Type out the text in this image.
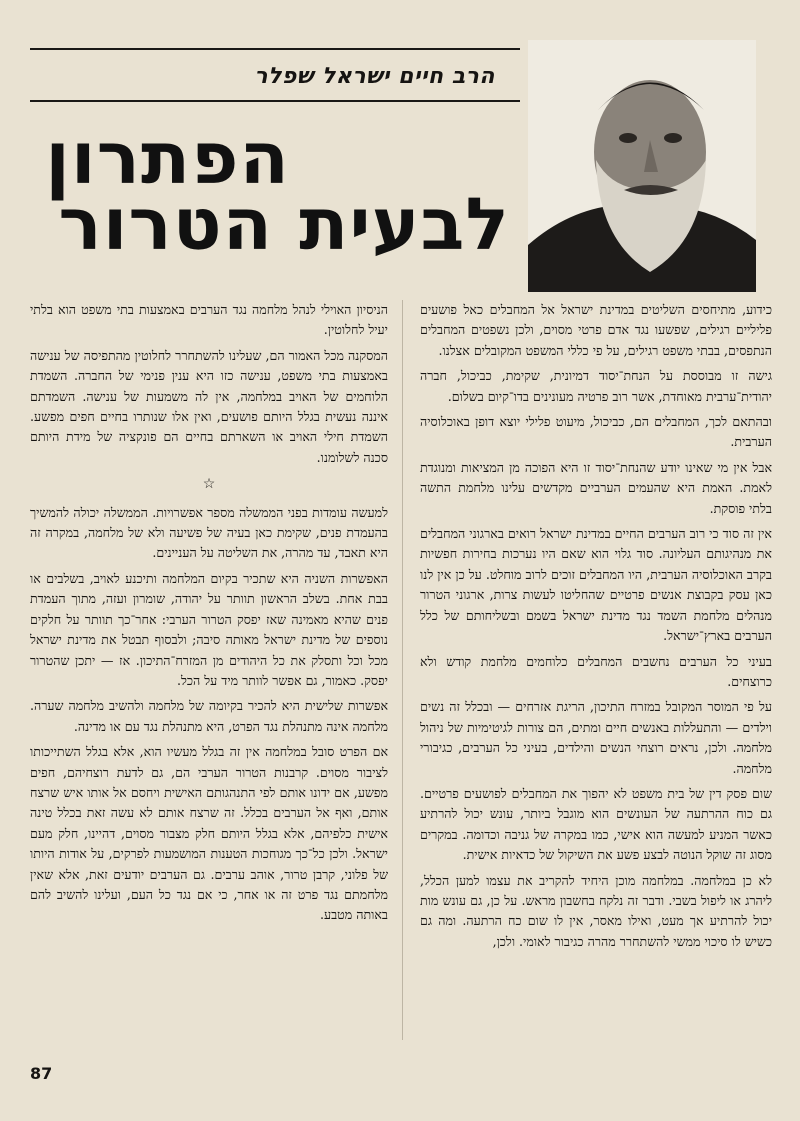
הרב חיים ישראל שפלר
הפתרון
לבעית הטרור

כידוע, מתיחסים השליטים במדינת ישראל אל המחבלים כאל פושעים פליליים רגילים, שפשעו נגד אדם פרטי מסוים, ולכן נשפטים המחבלים הנתפסים, בבתי משפט רגילים, על פי כללי המשפט המקובלים אצלנו.

גישה זו מבוססת על הנחת־יסוד דמיונית, שקימת, כביכול, חברה יהודית־ערבית מאוחדת, אשר רוב פרטיה מעונינים בדו־קיום בשלום.

ובהתאם לכך, המחבלים הם, כביכול, מיעוט פלילי יוצא דופן באוכלוסיה הערבית.

אבל אין מי שאינו יודע שהנחת־יסוד זו היא הפוכה מן המציאות ומנוגדת לאמת. האמת היא שהעמים הערביים מקדשים עלינו מלחמת התשה בלתי פוסקת.

אין זה סוד כי רוב הערבים החיים במדינת ישראל רואים בארגוני המחבלים את מנהיגותם העליונה. סוד גלוי הוא שאם היו נערכות בחירות חפשיות בקרב האוכלוסיה הערבית, היו המחבלים זוכים לרוב מוחלט. על כן אין לנו כאן עסק בקבוצת אנשים פרטיים שהחליטו לעשות צרות, ארגוני הטרור מנהלים מלחמת השמד נגד מדינת ישראל בשמם ובשליחותם של כלל הערבים בארץ־ישראל.

בעיני כל הערבים נחשבים המחבלים כלוחמים מלחמת קודש ולא כרוצחים.

על פי המוסר המקובל במזרח התיכון, הריגת אזרחים — ובכלל זה נשים וילדים — והתעללות באנשים חיים ומתים, הם צורות לגיטימיות של ניהול מלחמה. ולכן, נראים רוצחי הנשים והילדים, בעיני כל הערבים, כגיבורי מלחמה.

שום פסק דין של בית משפט לא יהפוך את המחבלים לפושעים פרטיים. גם כוח ההרתעה של העונשים הוא מוגבל ביותר, עונש יכול להרתיע כאשר המניע למעשה הוא אישי, כמו במקרה של גניבה וכדומה. במקרים מסוג זה שוקל הנוטה לבצע פשע את השיקול של כדאיות אישית.

לא כן במלחמה. במלחמה מוכן היחיד להקריב את עצמו למען הכלל, ליהרג או ליפול בשבי. ודבר זה נלקח בחשבון מראש. על כן, גם עונש מות יכול להרתיע אך מעט, ואילו מאסר, אין לו שום כח הרתעה. ומה גם כשיש לו סיכוי ממשי להשתחרר מהרה כגיבור לאומי. ולכן,

הניסיון האוילי לנהל מלחמה נגד הערבים באמצעות בתי משפט הוא בלתי יעיל לחלוטין.

המסקנה מכל האמור הם, שעלינו להשתחרר לחלוטין מהתפיסה של ענישה באמצעות בתי משפט, ענישה כזו היא ענין פנימי של החברה. השמדת הלוחמים של האויב במלחמה, אין לה משמעות של ענישה. השמדתם איננה נעשית בגלל היותם פושעים, ואין אלו שנותרו בחיים חפים מפשע. השמדת חילי האויב או השארתם בחיים הם פונקציה של מידת היותם סכנה לשלומנו.

☆

למעשה עומדות בפני הממשלה מספר אפשרויות. הממשלה יכולה להמשיך בהעמדת פנים, שקימת כאן בעיה של פשיעה ולא של מלחמה, במקרה זה היא תאבד, עד מהרה, את השליטה על העניינים.

האפשרות השניה היא שתכיר בקיום המלחמה ותיכנע לאויב, בשלבים או בבת אחת. בשלב הראשון תוותר על יהודה, שומרון ועזה, מתוך העמדת פנים שהיא מאמינה שאז יפסק הטרור הערבי: אחר־כך תוותר על חלקים נוספים של מדינת ישראל מאותה סיבה; ולבסוף תבטל את מדינת ישראל מכל וכל ותסלק את כל היהודים מן המזרח־התיכון. אז — יתכן שהטרור יפסק. כאמור, גם אפשר לוותר מיד על הכל.

אפשרות שלישית היא להכיר בקיומה של מלחמה ולהשיב מלחמה שערה. מלחמה אינה מתנהלת נגד הפרט, היא מתנהלת נגד עם או מדינה.

אם הפרט סובל במלחמה אין זה בגלל מעשיו הוא, אלא בגלל השתייכותו לציבור מסוים. קרבנות הטרור הערבי הם, גם לדעת רוצחיהם, חפים מפשע, אם ידונו אותם לפי התנהגותם האישית ויחסם אל אותו איש שרצח אותם, ואף אל הערבים בכלל. זה שרצח אותם לא עשה זאת בכלל טינה אישית כלפיהם, אלא בגלל היותם חלק מצבור מסוים, דהיינו, חלק מעם ישראל. ולכן כל־כך מגוחכות הטענות המושמעות לפרקים, על אודות היותו של פלוני, קרבן טרור, אוהב ערבים. גם הערבים יודעים זאת, אלא שאין מלחמתם נגד פרט זה או אחר, כי אם נגד כל העם, ועלינו להשיב להם באותה מטבע.

87
